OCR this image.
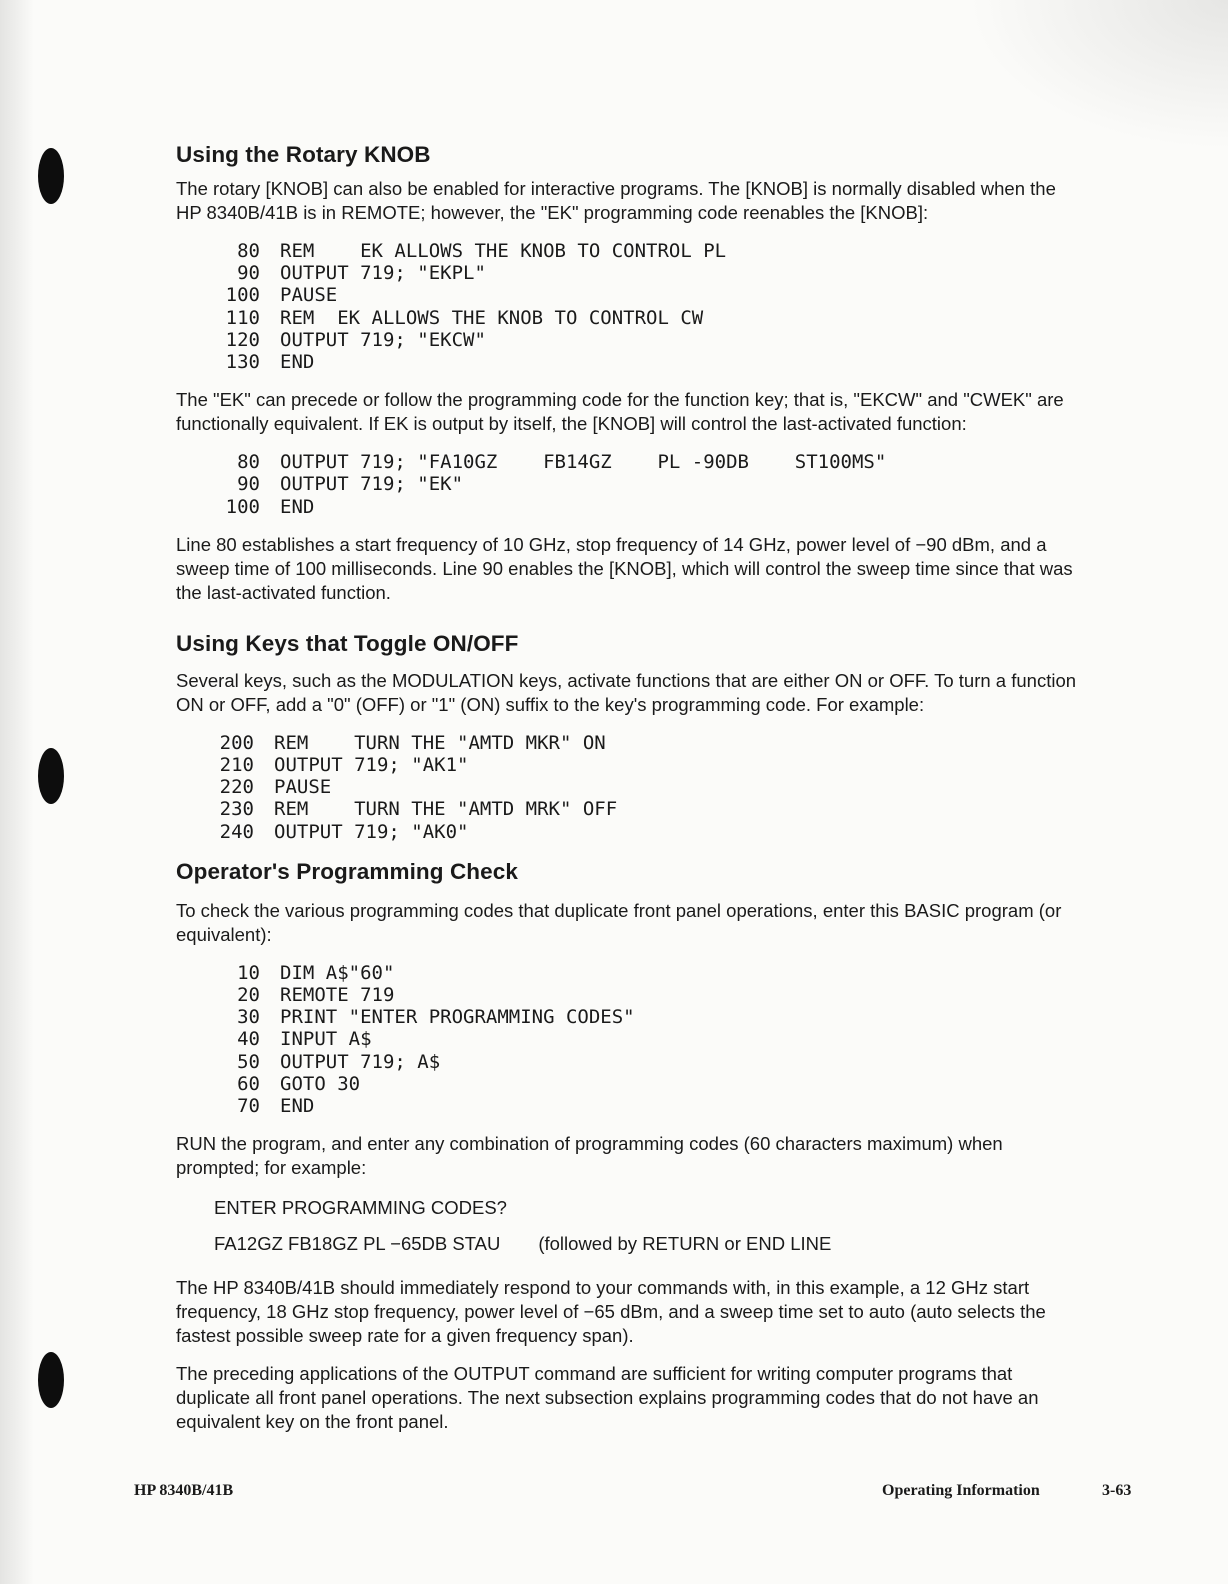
Using the Rotary KNOB

The rotary [KNOB] can also be enabled for interactive programs. The [KNOB] is normally disabled when the HP 8340B/41B is in REMOTE; however, the "EK" programming code reenables the [KNOB]:

80 REM    EK ALLOWS THE KNOB TO CONTROL PL
90 OUTPUT 719; "EKPL"
100 PAUSE
110 REM  EK ALLOWS THE KNOB TO CONTROL CW
120 OUTPUT 719; "EKCW"
130 END

The "EK" can precede or follow the programming code for the function key; that is, "EKCW" and "CWEK" are functionally equivalent. If EK is output by itself, the [KNOB] will control the last-activated function:

80 OUTPUT 719; "FA10GZ    FB14GZ    PL -90DB    ST100MS"
90 OUTPUT 719; "EK"
100 END

Line 80 establishes a start frequency of 10 GHz, stop frequency of 14 GHz, power level of −90 dBm, and a sweep time of 100 milliseconds. Line 90 enables the [KNOB], which will control the sweep time since that was the last-activated function.

Using Keys that Toggle ON/OFF

Several keys, such as the MODULATION keys, activate functions that are either ON or OFF. To turn a function ON or OFF, add a "0" (OFF) or "1" (ON) suffix to the key's programming code. For example:

200 REM    TURN THE "AMTD MKR" ON
210 OUTPUT 719; "AK1"
220 PAUSE
230 REM    TURN THE "AMTD MRK" OFF
240 OUTPUT 719; "AK0"
Operator's Programming Check

To check the various programming codes that duplicate front panel operations, enter this BASIC program (or equivalent):

10 DIM A$"60"
20 REMOTE 719
30 PRINT "ENTER PROGRAMMING CODES"
40 INPUT A$
50 OUTPUT 719; A$
60 GOTO 30
70 END

RUN the program, and enter any combination of programming codes (60 characters maximum) when prompted; for example:

ENTER PROGRAMMING CODES?
FA12GZ FB18GZ PL −65DB STAU (followed by RETURN or END LINE

The HP 8340B/41B should immediately respond to your commands with, in this example, a 12 GHz start frequency, 18 GHz stop frequency, power level of −65 dBm, and a sweep time set to auto (auto selects the fastest possible sweep rate for a given frequency span).

The preceding applications of the OUTPUT command are sufficient for writing computer programs that duplicate all front panel operations. The next subsection explains programming codes that do not have an equivalent key on the front panel.

HP 8340B/41B	Operating Information	3-63
